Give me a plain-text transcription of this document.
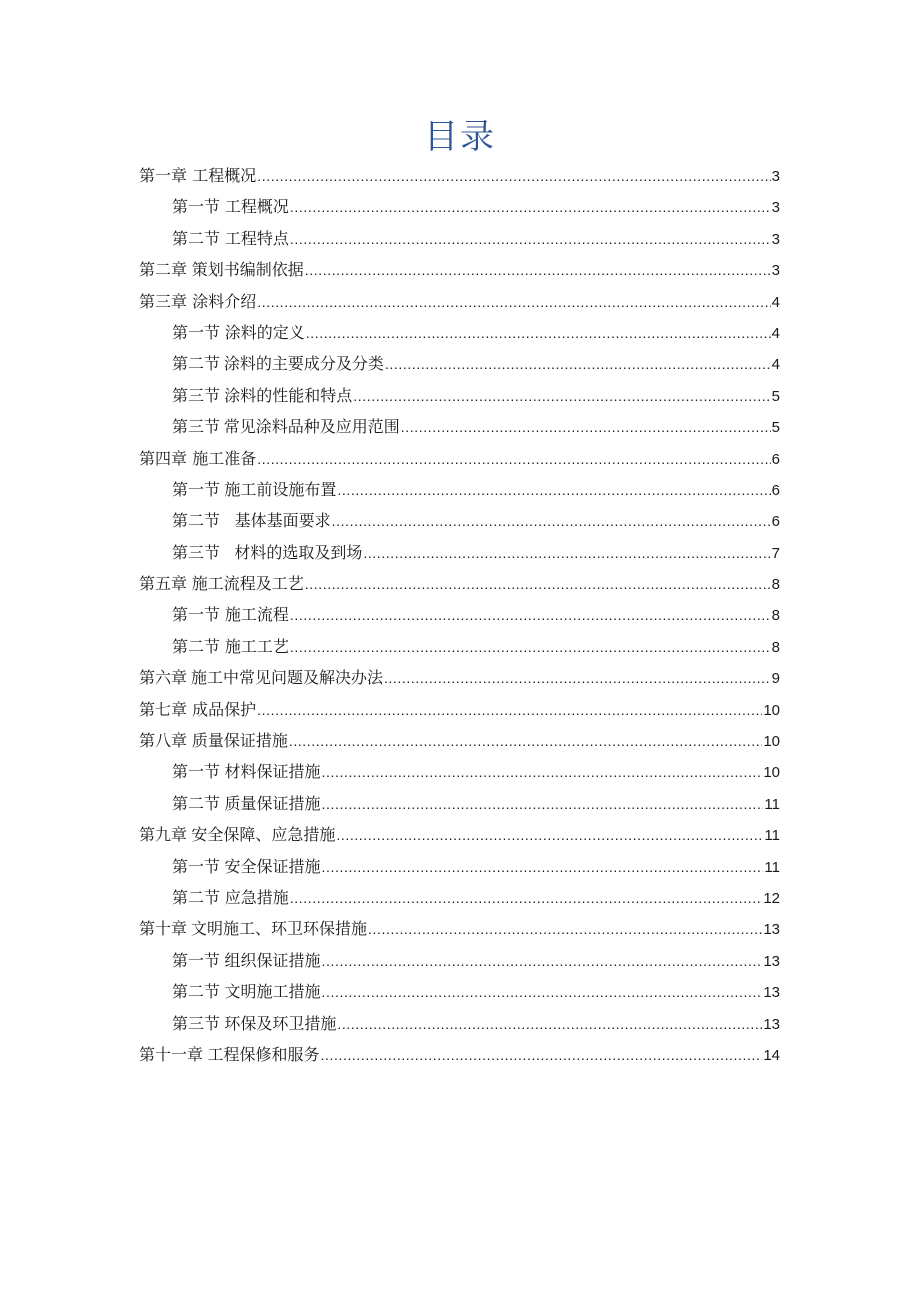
目录
第一章 工程概况 .....	3
第一节 工程概况 .....	3
第二节 工程特点 .....	3
第二章 策划书编制依据 .....	3
第三章 涂料介绍 .....	4
第一节 涂料的定义 .....	4
第二节 涂料的主要成分及分类 .....	4
第三节 涂料的性能和特点 .....	5
第三节 常见涂料品种及应用范围 .....	5
第四章 施工准备 .....	6
第一节 施工前设施布置 .....	6
第二节 基体基面要求 .....	6
第三节 材料的选取及到场 .....	7
第五章 施工流程及工艺 .....	8
第一节 施工流程 .....	8
第二节 施工工艺 .....	8
第六章 施工中常见问题及解决办法 .....	9
第七章 成品保护 .....	10
第八章 质量保证措施 .....	10
第一节 材料保证措施 .....	10
第二节 质量保证措施 .....	11
第九章 安全保障、应急措施 .....	11
第一节 安全保证措施 .....	11
第二节 应急措施 .....	12
第十章 文明施工、环卫环保措施 .....	13
第一节 组织保证措施 .....	13
第二节 文明施工措施 .....	13
第三节 环保及环卫措施 .....	13
第十一章 工程保修和服务 .....	14
